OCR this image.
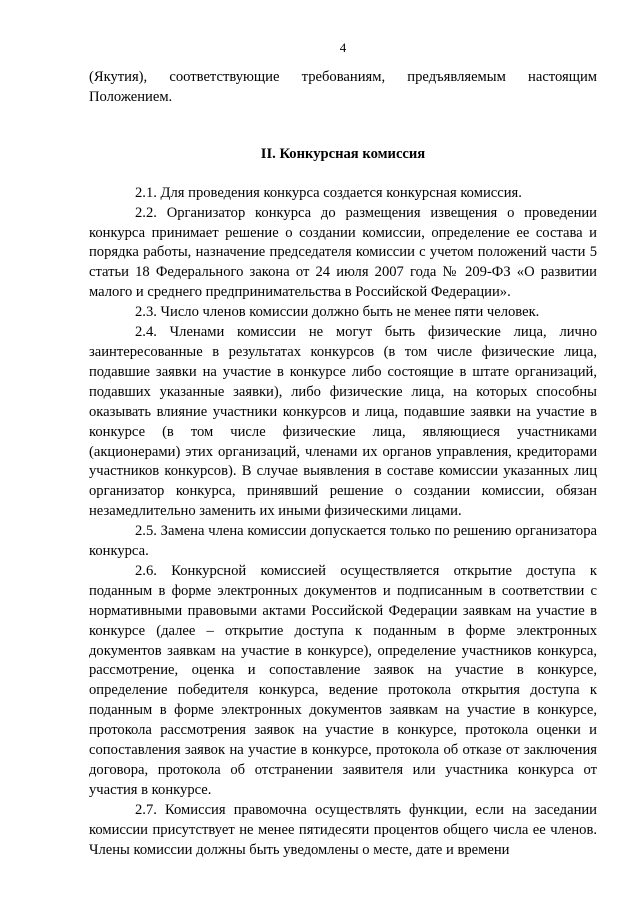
4

(Якутия), соответствующие требованиям, предъявляемым настоящим Положением.

II. Конкурсная комиссия

2.1. Для проведения конкурса создается конкурсная комиссия.

2.2. Организатор конкурса до размещения извещения о проведении конкурса принимает решение о создании комиссии, определение ее состава и порядка работы, назначение председателя комиссии с учетом положений части 5 статьи 18 Федерального закона от 24 июля 2007 года № 209-ФЗ «О развитии малого и среднего предпринимательства в Российской Федерации».

2.3. Число членов комиссии должно быть не менее пяти человек.

2.4. Членами комиссии не могут быть физические лица, лично заинтересованные в результатах конкурсов (в том числе физические лица, подавшие заявки на участие в конкурсе либо состоящие в штате организаций, подавших указанные заявки), либо физические лица, на которых способны оказывать влияние участники конкурсов и лица, подавшие заявки на участие в конкурсе (в том числе физические лица, являющиеся участниками (акционерами) этих организаций, членами их органов управления, кредиторами участников конкурсов). В случае выявления в составе комиссии указанных лиц организатор конкурса, принявший решение о создании комиссии, обязан незамедлительно заменить их иными физическими лицами.

2.5. Замена члена комиссии допускается только по решению организатора конкурса.

2.6. Конкурсной комиссией осуществляется открытие доступа к поданным в форме электронных документов и подписанным в соответствии с нормативными правовыми актами Российской Федерации заявкам на участие в конкурсе (далее – открытие доступа к поданным в форме электронных документов заявкам на участие в конкурсе), определение участников конкурса, рассмотрение, оценка и сопоставление заявок на участие в конкурсе, определение победителя конкурса, ведение протокола открытия доступа к поданным в форме электронных документов заявкам на участие в конкурсе, протокола рассмотрения заявок на участие в конкурсе, протокола оценки и сопоставления заявок на участие в конкурсе, протокола об отказе от заключения договора, протокола об отстранении заявителя или участника конкурса от участия в конкурсе.

2.7. Комиссия правомочна осуществлять функции, если на заседании комиссии присутствует не менее пятидесяти процентов общего числа ее членов. Члены комиссии должны быть уведомлены о месте, дате и времени
